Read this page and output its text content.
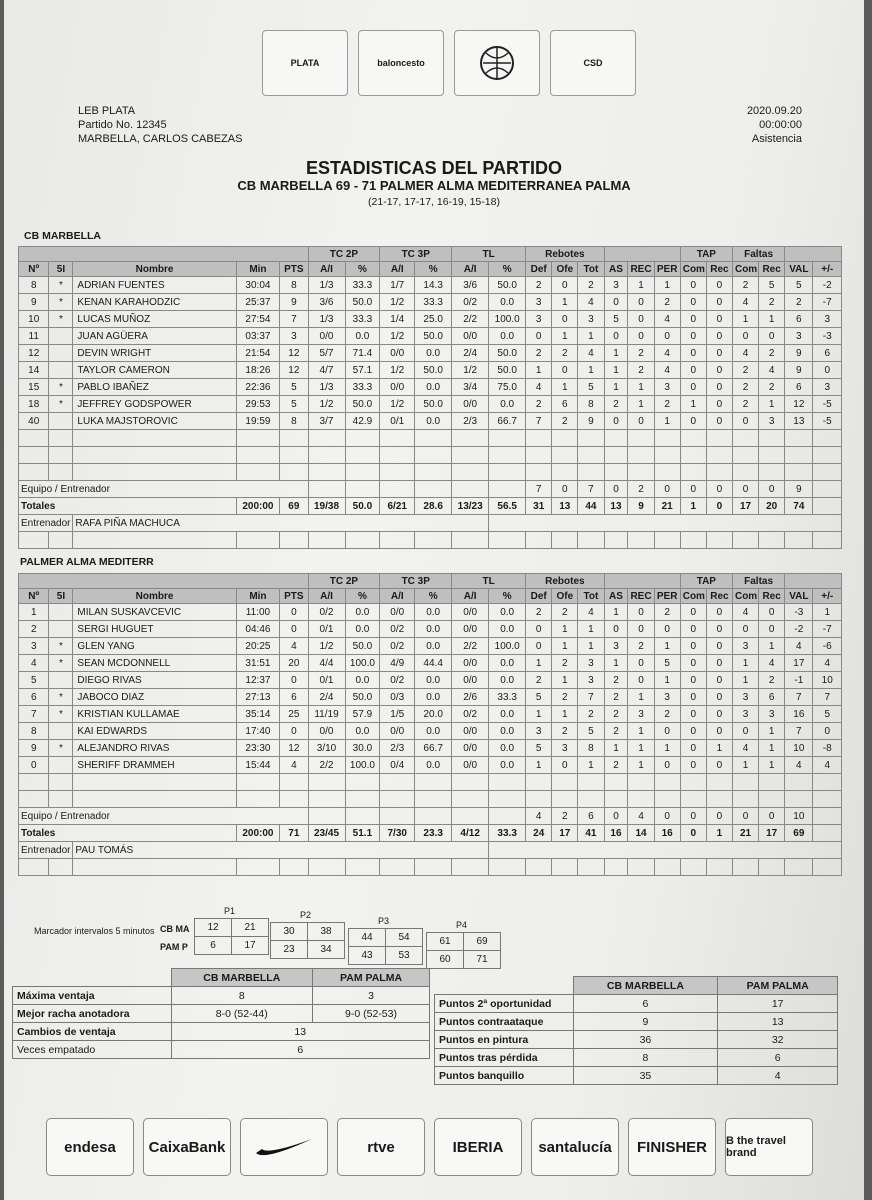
PLATA	baloncesto	CSD
LEB PLATA
Partido No. 12345
MARBELLA, CARLOS CABEZAS
2020.09.20
00:00:00
Asistencia
ESTADISTICAS DEL PARTIDO
CB MARBELLA 69 - 71 PALMER ALMA MEDITERRANEA PALMA
(21-17, 17-17, 16-19, 15-18)
CB MARBELLA
					TC 2P		TC 3P		TL		Rebotes						TAP		Faltas			
Nº	5I	Nombre	Min	PTS	A/I	%	A/I	%	A/I	%	Def	Ofe	Tot	AS	REC	PER	Com	Rec	Com	Rec	VAL	+/-
8	*	ADRIAN FUENTES	30:04	8	1/3	33.3	1/7	14.3	3/6	50.0	2	0	2	3	1	1	0	0	2	5	5	-2
9	*	KENAN KARAHODZIC	25:37	9	3/6	50.0	1/2	33.3	0/2	0.0	3	1	4	0	0	2	0	0	4	2	2	-7
10	*	LUCAS MUÑOZ	27:54	7	1/3	33.3	1/4	25.0	2/2	100.0	3	0	3	5	0	4	0	0	1	1	6	3
11		JUAN AGÜERA	03:37	3	0/0	0.0	1/2	50.0	0/0	0.0	0	1	1	0	0	0	0	0	0	0	3	-3
12		DEVIN WRIGHT	21:54	12	5/7	71.4	0/0	0.0	2/4	50.0	2	2	4	1	2	4	0	0	4	2	9	6
14		TAYLOR CAMERON	18:26	12	4/7	57.1	1/2	50.0	1/2	50.0	1	0	1	1	2	4	0	0	2	4	9	0
15	*	PABLO IBAÑEZ	22:36	5	1/3	33.3	0/0	0.0	3/4	75.0	4	1	5	1	1	3	0	0	2	2	6	3
18	*	JEFFREY GODSPOWER	29:53	5	1/2	50.0	1/2	50.0	0/0	0.0	2	6	8	2	1	2	1	0	2	1	12	-5
40		LUKA MAJSTOROVIC	19:59	8	3/7	42.9	0/1	0.0	2/3	66.7	7	2	9	0	0	1	0	0	0	3	13	-5

Equipo / Entrenador											7	0	7	0	2	0	0	0	0	0	9	
Totales			200:00	69	19/38	50.0	6/21	28.6	13/23	56.5	31	13	44	13	9	21	1	0	17	20	74	
Entrenador		RAFA PIÑA MACHUCA																				

PALMER ALMA MEDITERR
					TC 2P		TC 3P		TL		Rebotes						TAP		Faltas			
Nº	5I	Nombre	Min	PTS	A/I	%	A/I	%	A/I	%	Def	Ofe	Tot	AS	REC	PER	Com	Rec	Com	Rec	VAL	+/-
1		MILAN SUSKAVCEVIC	11:00	0	0/2	0.0	0/0	0.0	0/0	0.0	2	2	4	1	0	2	0	0	4	0	-3	1
2		SERGI HUGUET	04:46	0	0/1	0.0	0/2	0.0	0/0	0.0	0	1	1	0	0	0	0	0	0	0	-2	-7
3	*	GLEN YANG	20:25	4	1/2	50.0	0/2	0.0	2/2	100.0	0	1	1	3	2	1	0	0	3	1	4	-6
4	*	SEAN MCDONNELL	31:51	20	4/4	100.0	4/9	44.4	0/0	0.0	1	2	3	1	0	5	0	0	1	4	17	4
5		DIEGO RIVAS	12:37	0	0/1	0.0	0/2	0.0	0/0	0.0	2	1	3	2	0	1	0	0	1	2	-1	10
6	*	JABOCO DIAZ	27:13	6	2/4	50.0	0/3	0.0	2/6	33.3	5	2	7	2	1	3	0	0	3	6	7	7
7	*	KRISTIAN KULLAMAE	35:14	25	11/19	57.9	1/5	20.0	0/2	0.0	1	1	2	2	3	2	0	0	3	3	16	5
8		KAI EDWARDS	17:40	0	0/0	0.0	0/0	0.0	0/0	0.0	3	2	5	2	1	0	0	0	0	1	7	0
9	*	ALEJANDRO RIVAS	23:30	12	3/10	30.0	2/3	66.7	0/0	0.0	5	3	8	1	1	1	0	1	4	1	10	-8
0		SHERIFF DRAMMEH	15:44	4	2/2	100.0	0/4	0.0	0/0	0.0	1	0	1	2	1	0	0	0	1	1	4	4

Equipo / Entrenador											4	2	6	0	4	0	0	0	0	0	10	
Totales			200:00	71	23/45	51.1	7/30	23.3	4/12	33.3	24	17	41	16	14	16	0	1	21	17	69	
Entrenador		PAU TOMÁS																				

Marcador intervalos 5 minutos CB MA
PAM P
P1
12	21
6	17
P2
30	38
23	34
P3
44	54
43	53
P4
61	69
60	71
	CB MARBELLA	PAM PALMA
Máxima ventaja	8	3
Mejor racha anotadora	8-0 (52-44)	9-0 (52-53)
Cambios de ventaja	13	
Veces empatado	6	
	CB MARBELLA	PAM PALMA
Puntos 2ª oportunidad	6	17
Puntos contraataque	9	13
Puntos en pintura	36	32
Puntos tras pérdida	8	6
Puntos banquillo	35	4
endesa	CaixaBank	rtve	IBERIA	santalucía	FINISHER	B the travel brand
